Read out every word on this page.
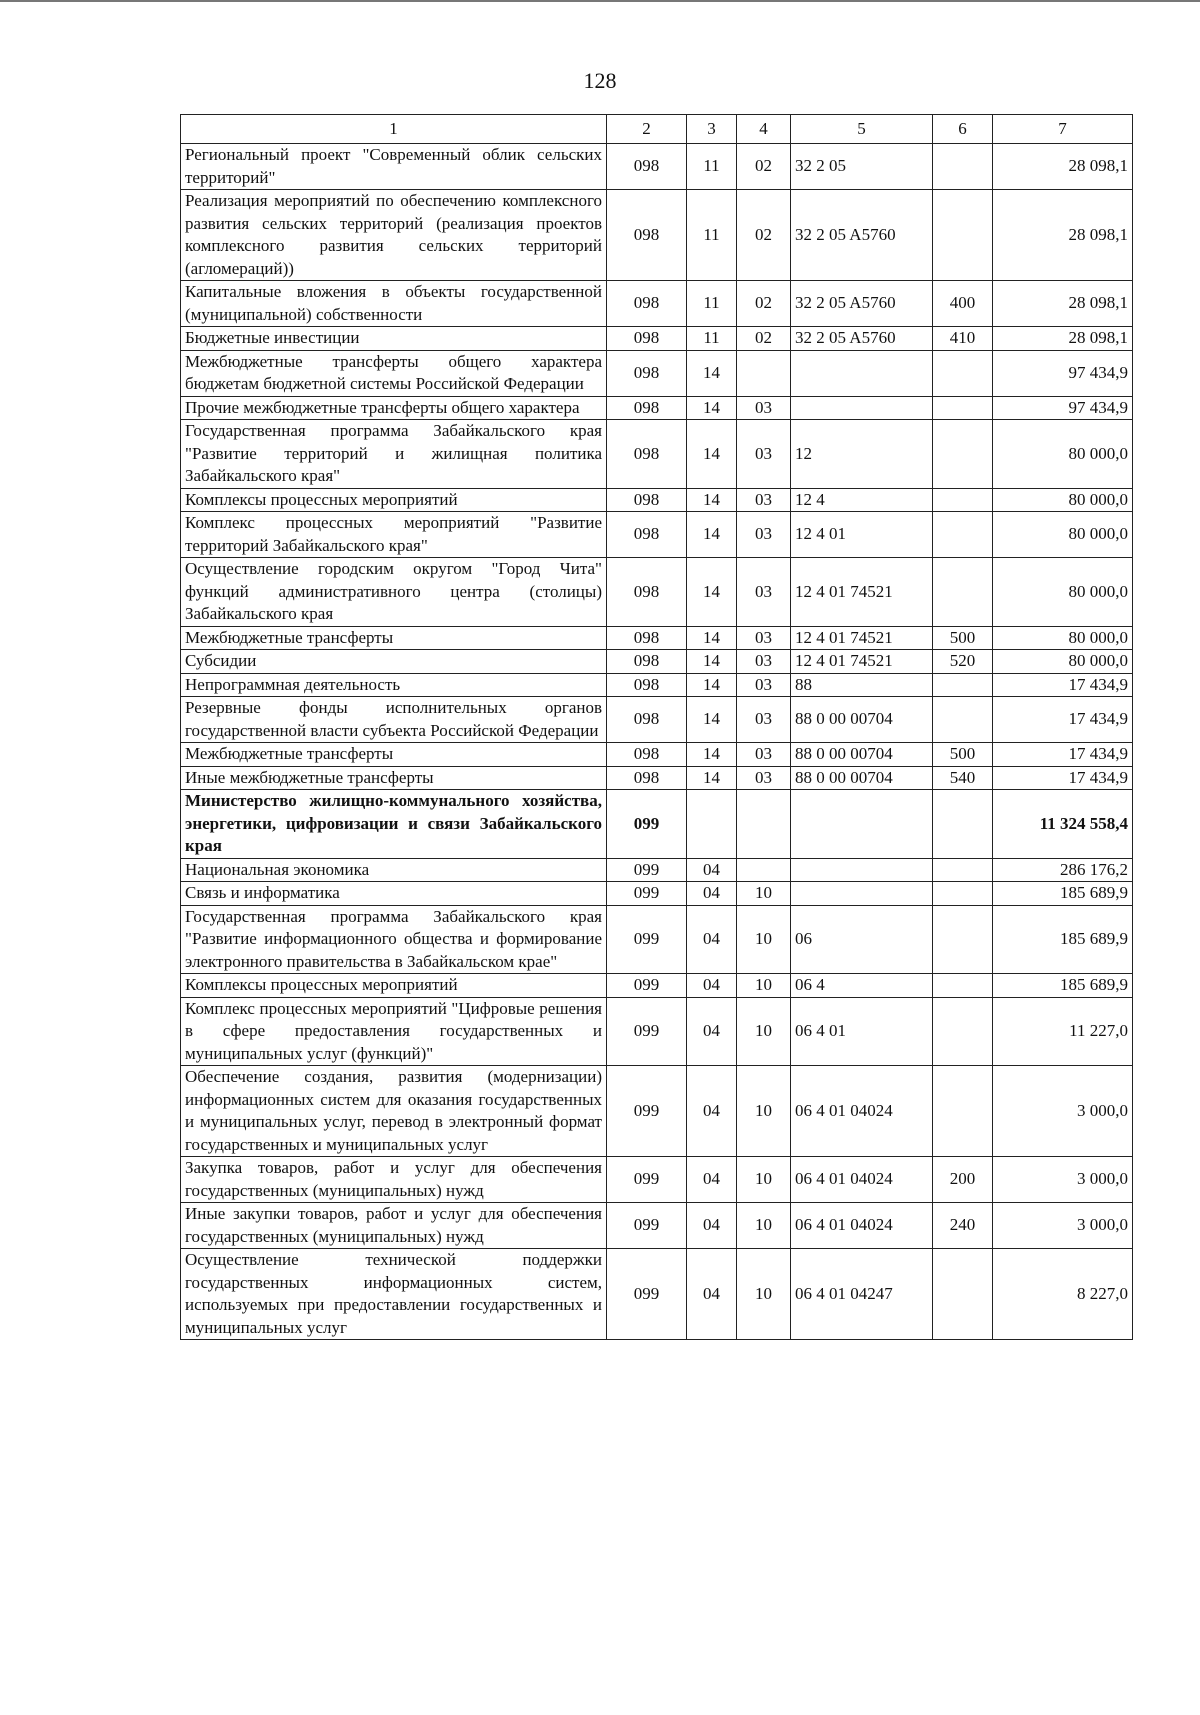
128
1	2	3	4	5	6	7
Региональный проект "Современный облик сельских территорий"	098	11	02	32 2 05		28 098,1
Реализация мероприятий по обеспечению комплексного развития сельских территорий (реализация проектов комплексного развития сельских территорий (агломераций))	098	11	02	32 2 05 A5760		28 098,1
Капитальные вложения в объекты государственной (муниципальной) собственности	098	11	02	32 2 05 A5760	400	28 098,1
Бюджетные инвестиции	098	11	02	32 2 05 A5760	410	28 098,1
Межбюджетные трансферты общего характера бюджетам бюджетной системы Российской Федерации	098	14				97 434,9
Прочие межбюджетные трансферты общего характера	098	14	03			97 434,9
Государственная программа Забайкальского края "Развитие территорий и жилищная политика Забайкальского края"	098	14	03	12		80 000,0
Комплексы процессных мероприятий	098	14	03	12 4		80 000,0
Комплекс процессных мероприятий "Развитие территорий Забайкальского края"	098	14	03	12 4 01		80 000,0
Осуществление городским округом "Город Чита" функций административного центра (столицы) Забайкальского края	098	14	03	12 4 01 74521		80 000,0
Межбюджетные трансферты	098	14	03	12 4 01 74521	500	80 000,0
Субсидии	098	14	03	12 4 01 74521	520	80 000,0
Непрограммная деятельность	098	14	03	88		17 434,9
Резервные фонды исполнительных органов государственной власти субъекта Российской Федерации	098	14	03	88 0 00 00704		17 434,9
Межбюджетные трансферты	098	14	03	88 0 00 00704	500	17 434,9
Иные межбюджетные трансферты	098	14	03	88 0 00 00704	540	17 434,9
Министерство жилищно-коммунального хозяйства, энергетики, цифровизации и связи Забайкальского края	099					11 324 558,4
Национальная экономика	099	04				286 176,2
Связь и информатика	099	04	10			185 689,9
Государственная программа Забайкальского края "Развитие информационного общества и формирование электронного правительства в Забайкальском крае"	099	04	10	06		185 689,9
Комплексы процессных мероприятий	099	04	10	06 4		185 689,9
Комплекс процессных мероприятий "Цифровые решения в сфере предоставления государственных и муниципальных услуг (функций)"	099	04	10	06 4 01		11 227,0
Обеспечение создания, развития (модернизации) информационных систем для оказания государственных и муниципальных услуг, перевод в электронный формат государственных и муниципальных услуг	099	04	10	06 4 01 04024		3 000,0
Закупка товаров, работ и услуг для обеспечения государственных (муниципальных) нужд	099	04	10	06 4 01 04024	200	3 000,0
Иные закупки товаров, работ и услуг для обеспечения государственных (муниципальных) нужд	099	04	10	06 4 01 04024	240	3 000,0
Осуществление технической поддержки государственных информационных систем, используемых при предоставлении государственных и муниципальных услуг	099	04	10	06 4 01 04247		8 227,0
